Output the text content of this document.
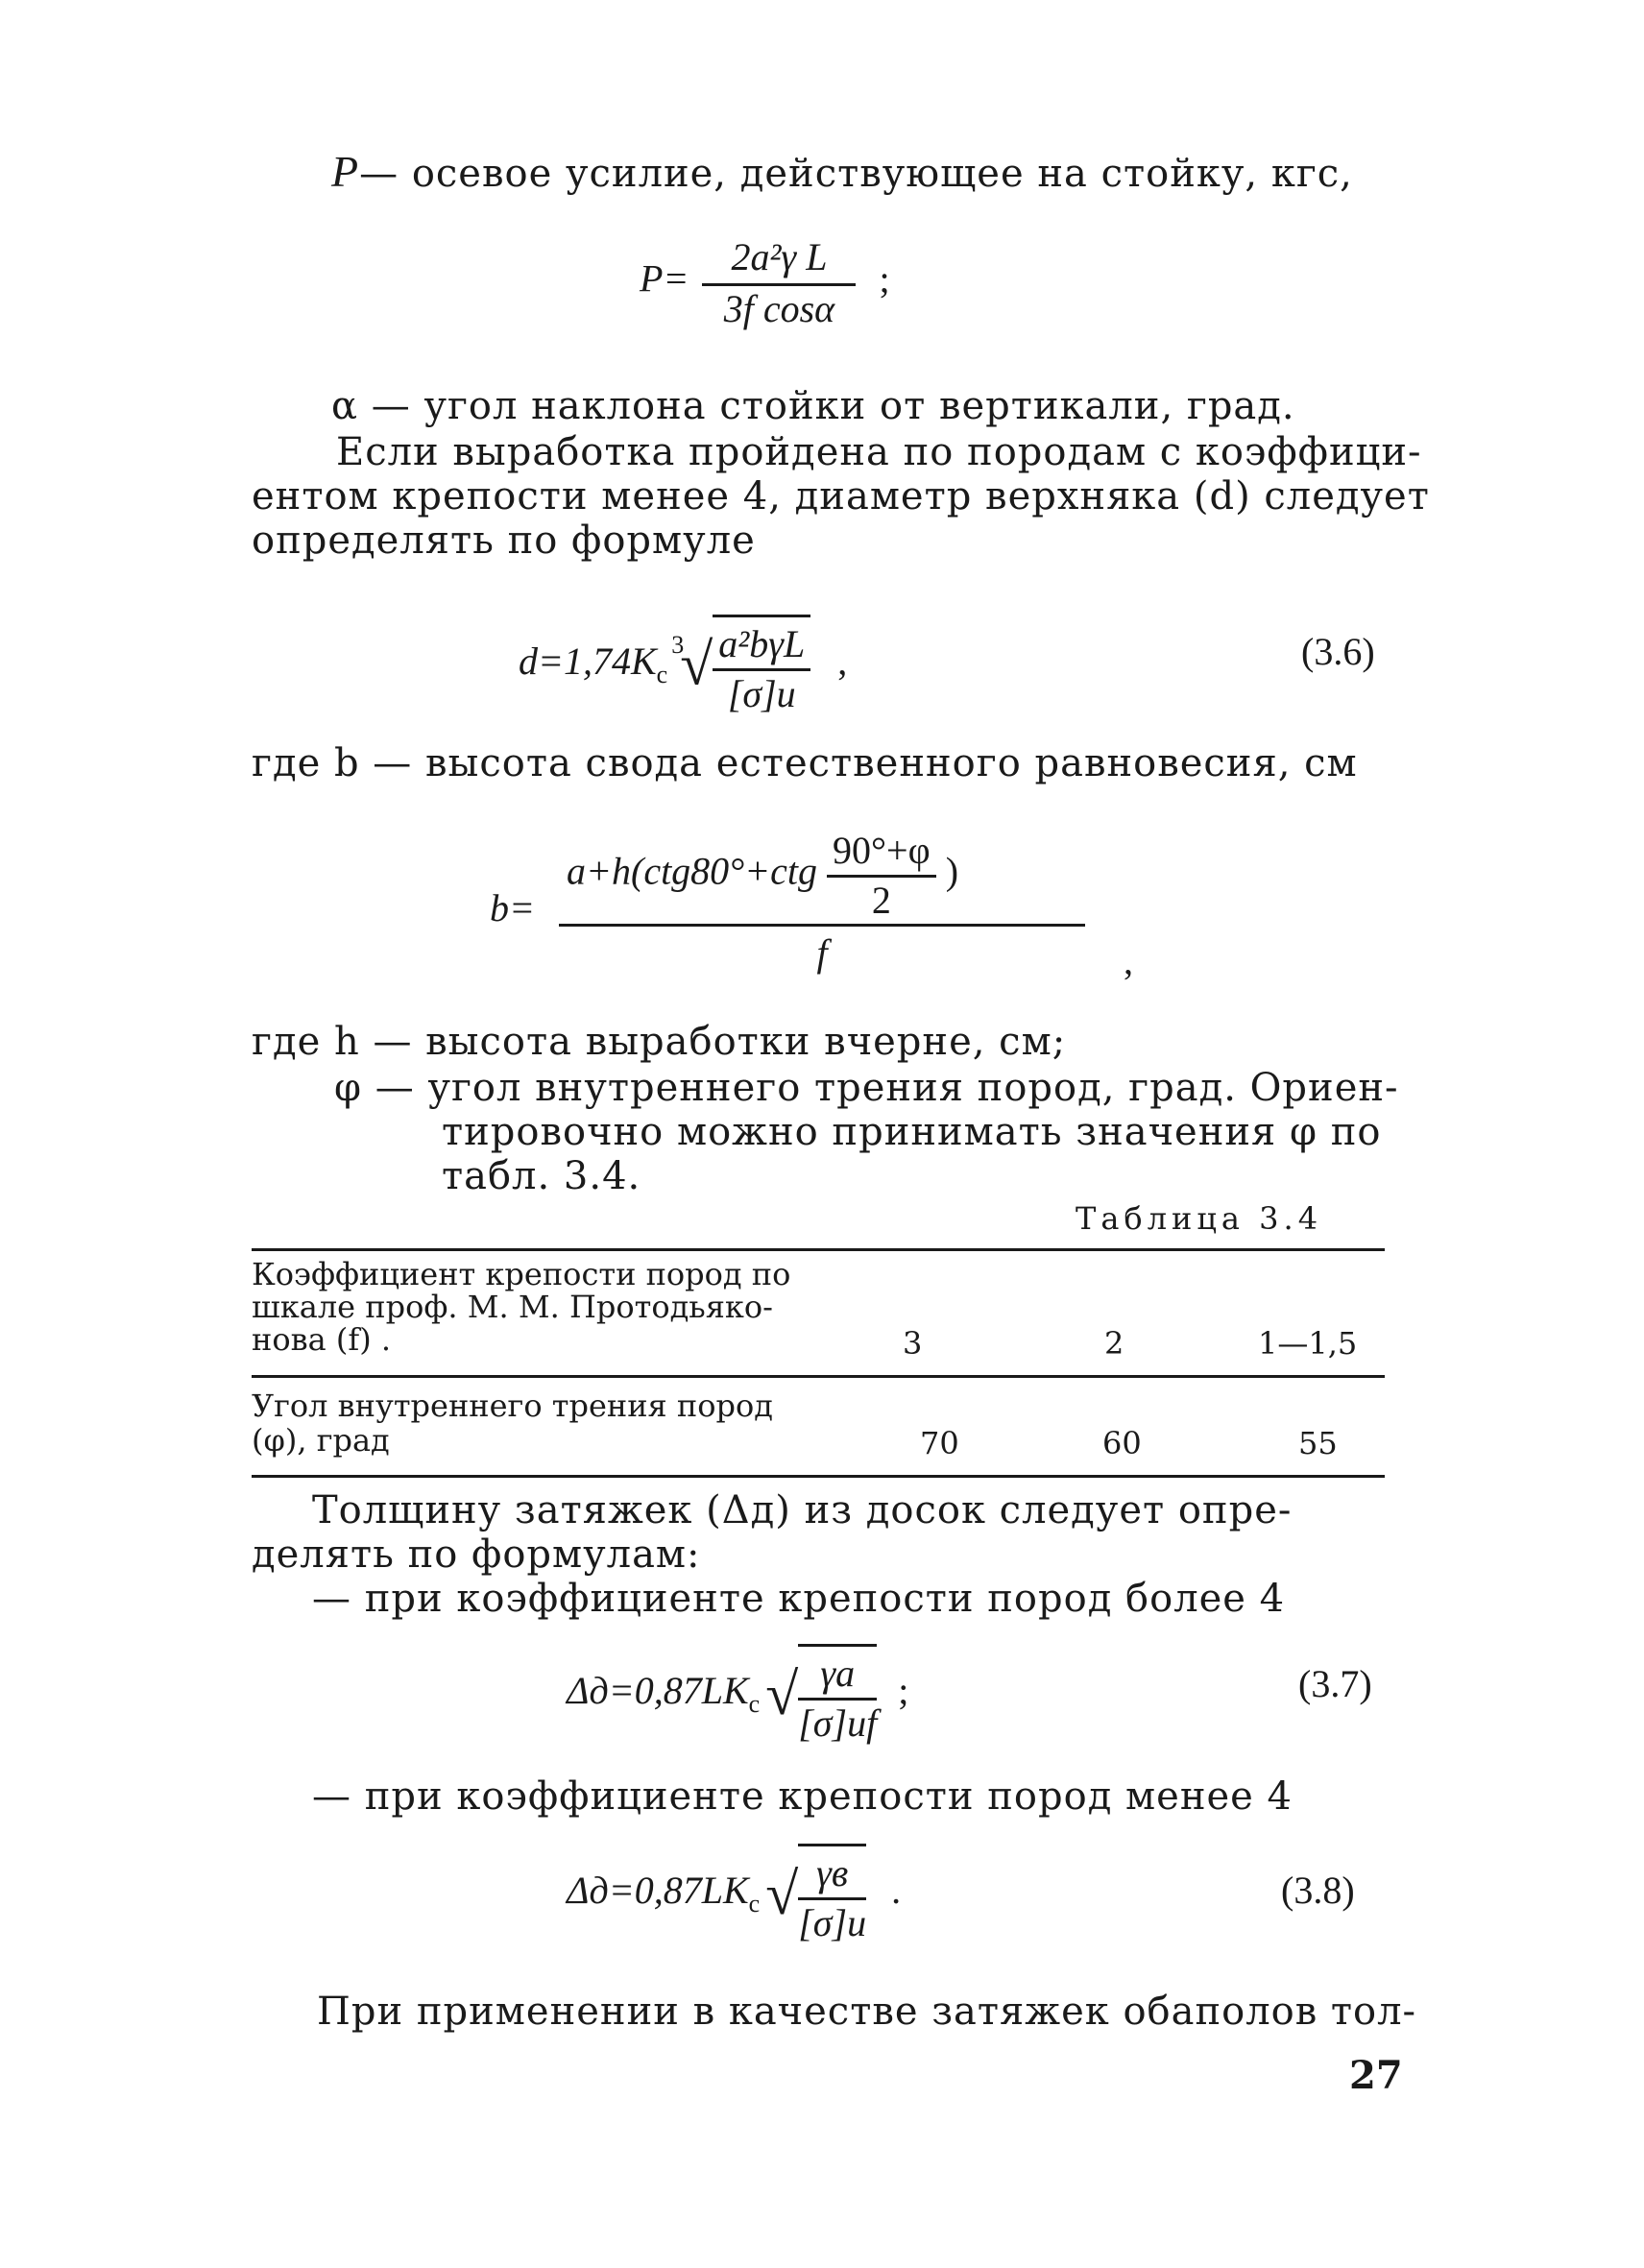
P— осевое усилие, действующее на стойку, кгс,
$P= \frac{\text{2a²γ L}}{\text{3f cosα}}$ ;
α — угол наклона стойки от вертикали, град.
Если выработка пройдена по породам с коэффици-
ентом крепости менее 4, диаметр верхняка (d) следует
определять по формуле
$d=1,74K_с^3√ \frac{\text{a²bγL}}{[\sigma]и}$ ,	(3.6)
где b — высота свода естественного равновесия, см
b=
$a+h(ctg80^\circ+ctg \frac{90^\circ+\varphi}{2}$ )
f	,
где h — высота выработки вчерне, см;
φ — угол внутреннего трения пород, град. Ориен-
тировочно можно принимать значения φ по
табл. 3.4.
Таблица 3.4
Коэффициент крепости пород по
шкале проф. М. М. Протодьяко-
нова (f) .	3	2	1—1,5
Угол внутреннего трения пород
(φ), град	70	60	55
Толщину затяжек (Δд) из досок следует опре-
делять по формулам:
— при коэффициенте крепости пород более 4
$\Delta д=0,87LK_с√ \frac{\gamma a}{[\sigma]иf}$ ;	(3.7)
— при коэффициенте крепости пород менее 4
$\Delta д=0,87LK_с√ \frac{\gamma в}{[\sigma]и}$ .	(3.8)
При применении в качестве затяжек обаполов тол-
27
